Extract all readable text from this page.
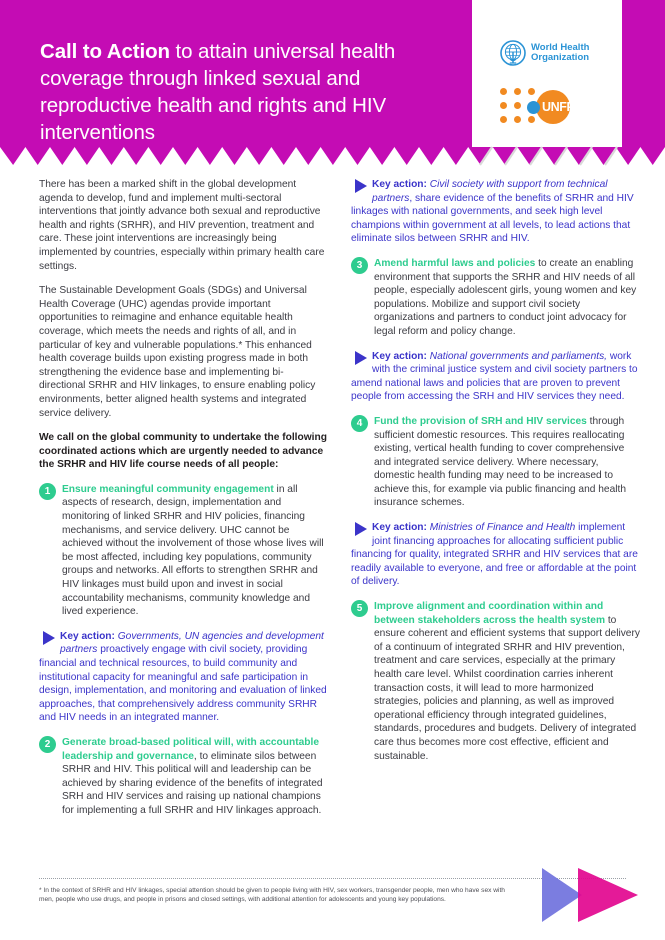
Call to Action to attain universal health coverage through linked sexual and reproductive health and rights and HIV interventions
World Health
Organization
UNFPA

There has been a marked shift in the global development agenda to develop, fund and implement multi-sectoral interventions that jointly advance both sexual and reproductive health and rights (SRHR), and HIV prevention, treatment and care. These joint interventions are increasingly being implemented by countries, especially within primary health care settings.

The Sustainable Development Goals (SDGs) and Universal Health Coverage (UHC) agendas provide important opportunities to reimagine and enhance equitable health coverage, which meets the needs and rights of all, and in particular of key and vulnerable populations.* This enhanced health coverage builds upon existing progress made in both strengthening the evidence base and implementing bi-directional SRHR and HIV linkages, to ensure enabling policy environments, better aligned health systems and integrated service delivery.

We call on the global community to undertake the following coordinated actions which are urgently needed to advance the SRHR and HIV life course needs of all people:

1	Ensure meaningful community engagement in all aspects of research, design, implementation and monitoring of linked SRHR and HIV policies, financing mechanisms, and service delivery. UHC cannot be achieved without the involvement of those whose lives will be most affected, including key populations, community groups and networks. All efforts to strengthen SRHR and HIV linkages must build upon and invest in social accountability mechanisms, community knowledge and lived experience.
Key action: Governments, UN agencies and development partners proactively engage with civil society, providing financial and technical resources, to build community and institutional capacity for meaningful and safe participation in design, implementation, and monitoring and evaluation of linked approaches, that comprehensively address community SRHR and HIV needs in an integrated manner.
2	Generate broad-based political will, with accountable leadership and governance, to eliminate silos between SRHR and HIV. This political will and leadership can be achieved by sharing evidence of the benefits of integrated SRH and HIV services and raising up national champions for implementing a full SRHR and HIV linkages approach.
Key action: Civil society with support from technical partners, share evidence of the benefits of SRHR and HIV linkages with national governments, and seek high level champions within government at all levels, to lead actions that eliminate silos between SRHR and HIV.
3	Amend harmful laws and policies to create an enabling environment that supports the SRHR and HIV needs of all people, especially adolescent girls, young women and key populations. Mobilize and support civil society organizations and partners to conduct joint advocacy for legal reform and policy change.
Key action: National governments and parliaments, work with the criminal justice system and civil society partners to amend national laws and policies that are proven to prevent people from accessing the SRH and HIV services they need.
4	Fund the provision of SRH and HIV services through sufficient domestic resources. This requires reallocating existing, vertical health funding to cover comprehensive and integrated service delivery. Where necessary, domestic health funding may need to be increased to achieve this, for example via public financing and health insurance schemes.
Key action: Ministries of Finance and Health implement joint financing approaches for allocating sufficient public financing for quality, integrated SRHR and HIV services that are readily available to everyone, and free or affordable at the point of delivery.
5	Improve alignment and coordination within and between stakeholders across the health system to ensure coherent and efficient systems that support delivery of a continuum of integrated SRHR and HIV prevention, treatment and care services, especially at the primary health care level. Whilst coordination carries inherent transaction costs, it will lead to more harmonized strategies, policies and planning, as well as improved operational efficiency through integrated guidelines, standards, procedures and budgets. Delivery of integrated care thus becomes more cost effective, efficient and sustainable.
* In the context of SRHR and HIV linkages, special attention should be given to people living with HIV, sex workers, transgender people, men who have sex with men, people who use drugs, and people in prisons and closed settings, with additional attention for adolescents and young key populations.
